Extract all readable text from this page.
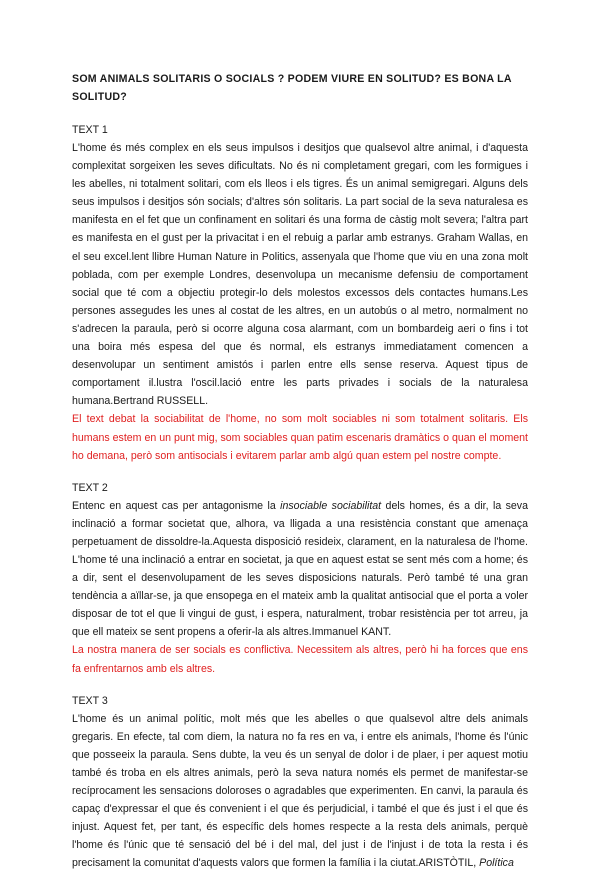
SOM ANIMALS SOLITARIS O SOCIALS ? PODEM VIURE EN SOLITUD? ES BONA LA SOLITUD?
TEXT 1

L'home és més complex en els seus impulsos i desitjos que qualsevol altre animal, i d'aquesta complexitat sorgeixen les seves dificultats. No és ni completament gregari, com les formigues i les abelles, ni totalment solitari, com els lleos i els tigres. És un animal semigregari. Alguns dels seus impulsos i desitjos són socials; d'altres són solitaris. La part social de la seva naturalesa es manifesta en el fet que un confinament en solitari és una forma de càstig molt severa; l'altra part es manifesta en el gust per la privacitat i en el rebuig a parlar amb estranys. Graham Wallas, en el seu excel.lent llibre Human Nature in Politics, assenyala que l'home que viu en una zona molt poblada, com per exemple Londres, desenvolupa un mecanisme defensiu de comportament social que té com a objectiu protegir-lo dels molestos excessos dels contactes humans.Les persones assegudes les unes al costat de les altres, en un autobús o al metro, normalment no s'adrecen la paraula, però si ocorre alguna cosa alarmant, com un bombardeig aeri o fins i tot una boira més espesa del que és normal, els estranys immediatament comencen a desenvolupar un sentiment amistós i parlen entre ells sense reserva. Aquest tipus de comportament il.lustra l'oscil.lació entre les parts privades i socials de la naturalesa humana.Bertrand RUSSELL.

El text debat la sociabilitat de l'home, no som molt sociables ni som totalment solitaris. Els humans estem en un punt mig, som sociables quan patim escenaris dramàtics o quan el moment ho demana, però som antisocials i evitarem parlar amb algú quan estem pel nostre compte.

TEXT 2

Entenc en aquest cas per antagonisme la insociable sociabilitat dels homes, és a dir, la seva inclinació a formar societat que, alhora, va lligada a una resistència constant que amenaça perpetuament de dissoldre-la.Aquesta disposició resideix, clarament, en la naturalesa de l'home. L'home té una inclinació a entrar en societat, ja que en aquest estat se sent més com a home; és a dir, sent el desenvolupament de les seves disposicions naturals. Però també té una gran tendència a aïllar-se, ja que ensopega en el mateix amb la qualitat antisocial que el porta a voler disposar de tot el que li vingui de gust, i espera, naturalment, trobar resistència per tot arreu, ja que ell mateix se sent propens a oferir-la als altres.Immanuel KANT.

La nostra manera de ser socials es conflictiva. Necessitem als altres, però hi ha forces que ens fa enfrentarnos amb els altres.

TEXT 3

L'home és un animal polític, molt més que les abelles o que qualsevol altre dels animals gregaris. En efecte, tal com diem, la natura no fa res en va, i entre els animals, l'home és l'únic que posseeix la paraula. Sens dubte, la veu és un senyal de dolor i de plaer, i per aquest motiu també és troba en els altres animals, però la seva natura només els permet de manifestar-se recíprocament les sensacions doloroses o agradables que experimenten. En canvi, la paraula és capaç d'expressar el que és convenient i el que és perjudicial, i també el que és just i el que és injust. Aquest fet, per tant, és específic dels homes respecte a la resta dels animals, perquè l'home és l'únic que té sensació del bé i del mal, del just i de l'injust i de tota la resta i és precisament la comunitat d'aquests valors que formen la família i la ciutat.ARISTÒTIL, Política
